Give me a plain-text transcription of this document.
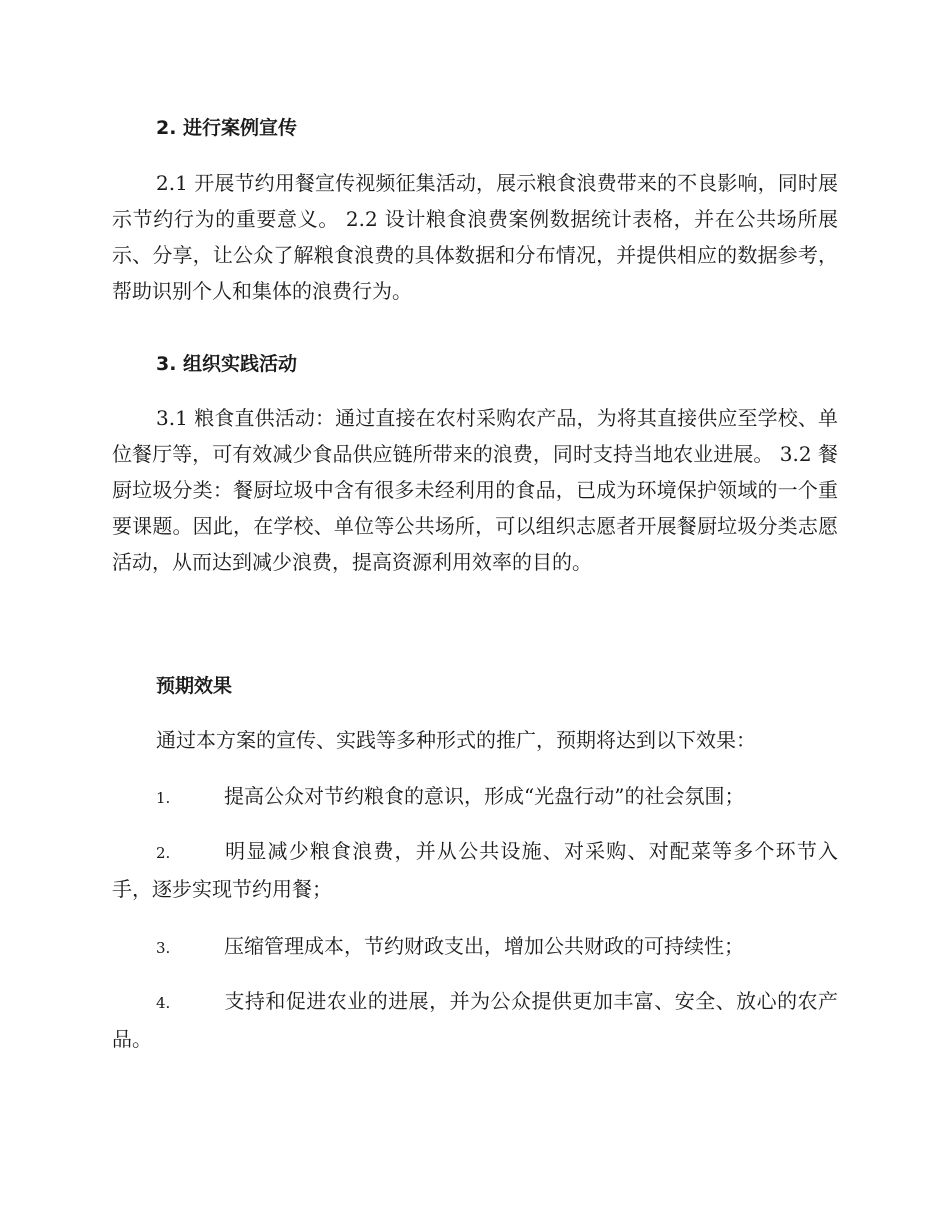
2. 进行案例宣传

2.1 开展节约用餐宣传视频征集活动，展示粮食浪费带来的不良影响，同时展示节约行为的重要意义。 2.2 设计粮食浪费案例数据统计表格，并在公共场所展示、分享，让公众了解粮食浪费的具体数据和分布情况，并提供相应的数据参考，帮助识别个人和集体的浪费行为。

3. 组织实践活动

3.1 粮食直供活动：通过直接在农村采购农产品，为将其直接供应至学校、单位餐厅等，可有效减少食品供应链所带来的浪费，同时支持当地农业进展。 3.2 餐厨垃圾分类：餐厨垃圾中含有很多未经利用的食品，已成为环境保护领域的一个重要课题。因此，在学校、单位等公共场所，可以组织志愿者开展餐厨垃圾分类志愿活动，从而达到减少浪费，提高资源利用效率的目的。

预期效果

通过本方案的宣传、实践等多种形式的推广，预期将达到以下效果：

1.	提高公众对节约粮食的意识，形成“光盘行动”的社会氛围；

2.	明显减少粮食浪费，并从公共设施、对采购、对配菜等多个环节入手，逐步实现节约用餐；

3.	压缩管理成本，节约财政支出，增加公共财政的可持续性；

4.	支持和促进农业的进展，并为公众提供更加丰富、安全、放心的农产品。
